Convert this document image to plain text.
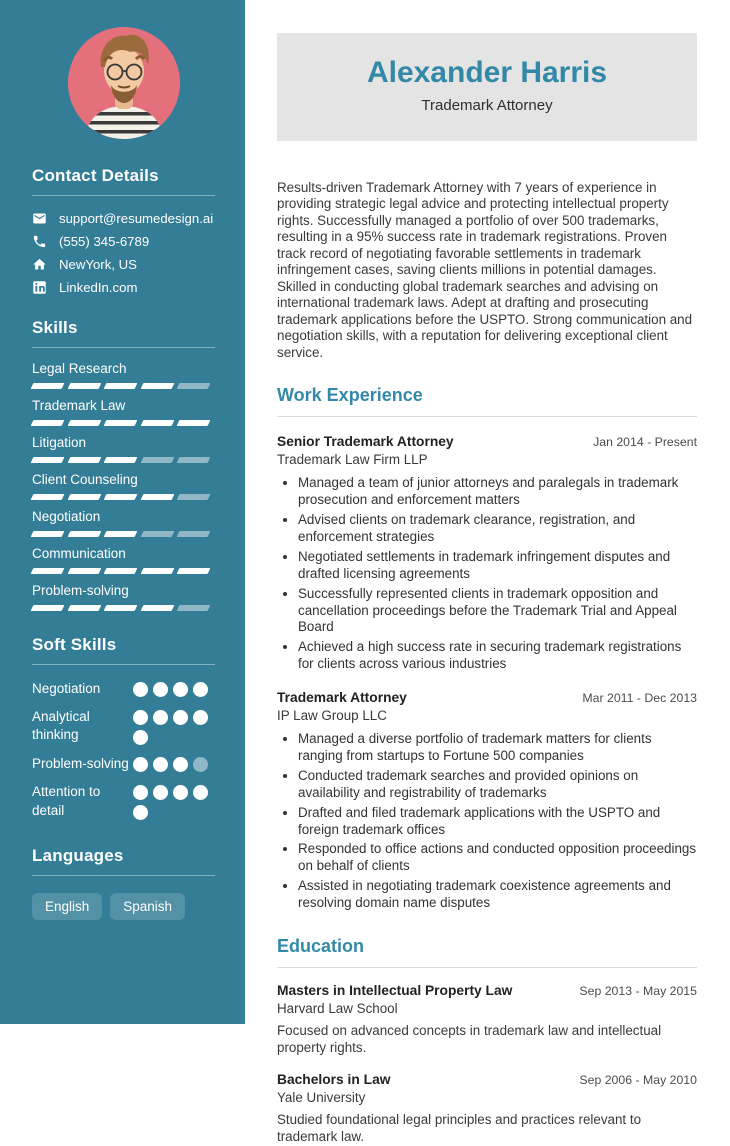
Contact Details
support@resumedesign.ai
(555) 345-6789
NewYork, US
LinkedIn.com
Skills
Legal Research
Trademark Law
Litigation
Client Counseling
Negotiation
Communication
Problem-solving
Soft Skills
Negotiation
Analytical thinking
Problem-solving
Attention to detail
Languages
English	Spanish
Alexander Harris
Trademark Attorney

Results-driven Trademark Attorney with 7 years of experience in providing strategic legal advice and protecting intellectual property rights. Successfully managed a portfolio of over 500 trademarks, resulting in a 95% success rate in trademark registrations. Proven track record of negotiating favorable settlements in trademark infringement cases, saving clients millions in potential damages. Skilled in conducting global trademark searches and advising on international trademark laws. Adept at drafting and prosecuting trademark applications before the USPTO. Strong communication and negotiation skills, with a reputation for delivering exceptional client service.

Work Experience
Senior Trademark Attorney	Jan 2014 - Present
Trademark Law Firm LLP
• Managed a team of junior attorneys and paralegals in trademark prosecution and enforcement matters
• Advised clients on trademark clearance, registration, and enforcement strategies
• Negotiated settlements in trademark infringement disputes and drafted licensing agreements
• Successfully represented clients in trademark opposition and cancellation proceedings before the Trademark Trial and Appeal Board
• Achieved a high success rate in securing trademark registrations for clients across various industries
Trademark Attorney	Mar 2011 - Dec 2013
IP Law Group LLC
• Managed a diverse portfolio of trademark matters for clients ranging from startups to Fortune 500 companies
• Conducted trademark searches and provided opinions on availability and registrability of trademarks
• Drafted and filed trademark applications with the USPTO and foreign trademark offices
• Responded to office actions and conducted opposition proceedings on behalf of clients
• Assisted in negotiating trademark coexistence agreements and resolving domain name disputes
Education
Masters in Intellectual Property Law	Sep 2013 - May 2015
Harvard Law School

Focused on advanced concepts in trademark law and intellectual property rights.

Bachelors in Law	Sep 2006 - May 2010
Yale University

Studied foundational legal principles and practices relevant to trademark law.
